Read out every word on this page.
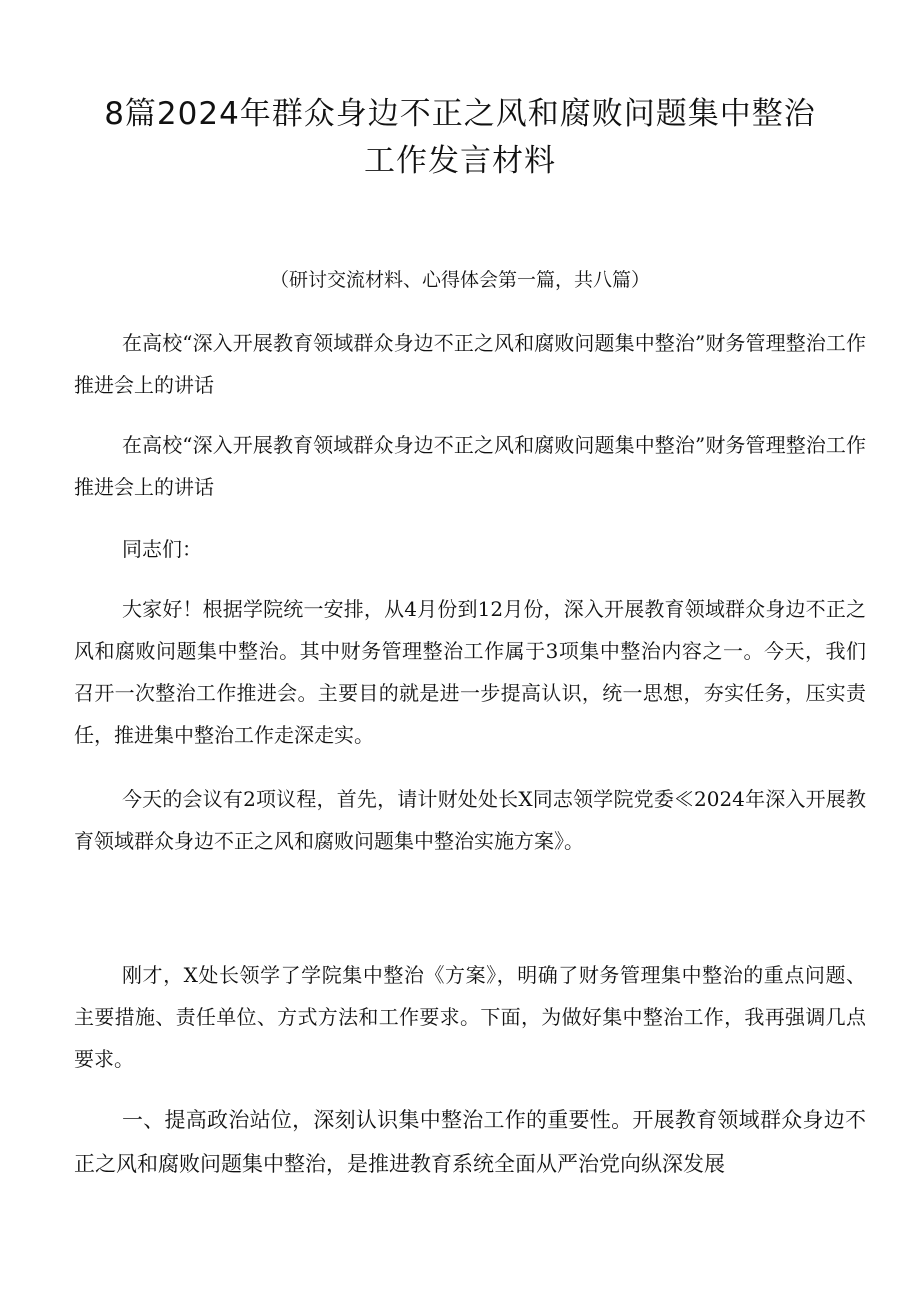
8篇2024年群众身边不正之风和腐败问题集中整治
工作发言材料

（研讨交流材料、心得体会第一篇，共八篇）

在高校“深入开展教育领域群众身边不正之风和腐败问题集中整治”财务管理整治工作推进会上的讲话

在高校“深入开展教育领域群众身边不正之风和腐败问题集中整治”财务管理整治工作推进会上的讲话

同志们：

大家好！根据学院统一安排，从4月份到12月份，深入开展教育领域群众身边不正之风和腐败问题集中整治。其中财务管理整治工作属于3项集中整治内容之一。今天，我们召开一次整治工作推进会。主要目的就是进一步提高认识，统一思想，夯实任务，压实责任，推进集中整治工作走深走实。

今天的会议有2项议程，首先，请计财处处长X同志领学院党委≪2024年深入开展教育领域群众身边不正之风和腐败问题集中整治实施方案》。

刚才，X处长领学了学院集中整治《方案》，明确了财务管理集中整治的重点问题、主要措施、责任单位、方式方法和工作要求。下面，为做好集中整治工作，我再强调几点要求。

一、提高政治站位，深刻认识集中整治工作的重要性。开展教育领域群众身边不正之风和腐败问题集中整治，是推进教育系统全面从严治党向纵深发展
